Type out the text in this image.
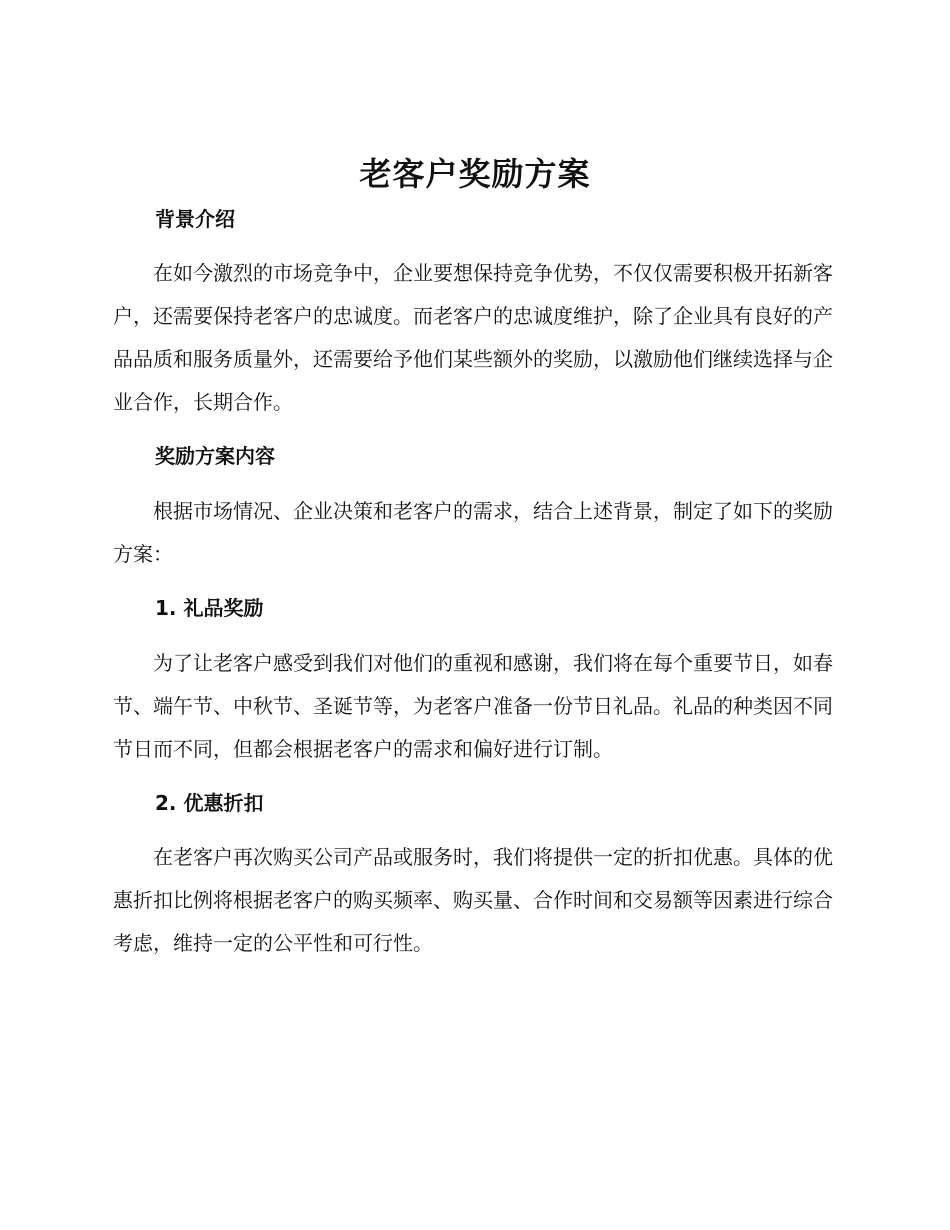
老客户奖励方案
背景介绍

在如今激烈的市场竞争中，企业要想保持竞争优势，不仅仅需要积极开拓新客户，还需要保持老客户的忠诚度。而老客户的忠诚度维护，除了企业具有良好的产品品质和服务质量外，还需要给予他们某些额外的奖励，以激励他们继续选择与企业合作，长期合作。

奖励方案内容

根据市场情况、企业决策和老客户的需求，结合上述背景，制定了如下的奖励方案：

1. 礼品奖励

为了让老客户感受到我们对他们的重视和感谢，我们将在每个重要节日，如春节、端午节、中秋节、圣诞节等，为老客户准备一份节日礼品。礼品的种类因不同节日而不同，但都会根据老客户的需求和偏好进行订制。

2. 优惠折扣

在老客户再次购买公司产品或服务时，我们将提供一定的折扣优惠。具体的优惠折扣比例将根据老客户的购买频率、购买量、合作时间和交易额等因素进行综合考虑，维持一定的公平性和可行性。
